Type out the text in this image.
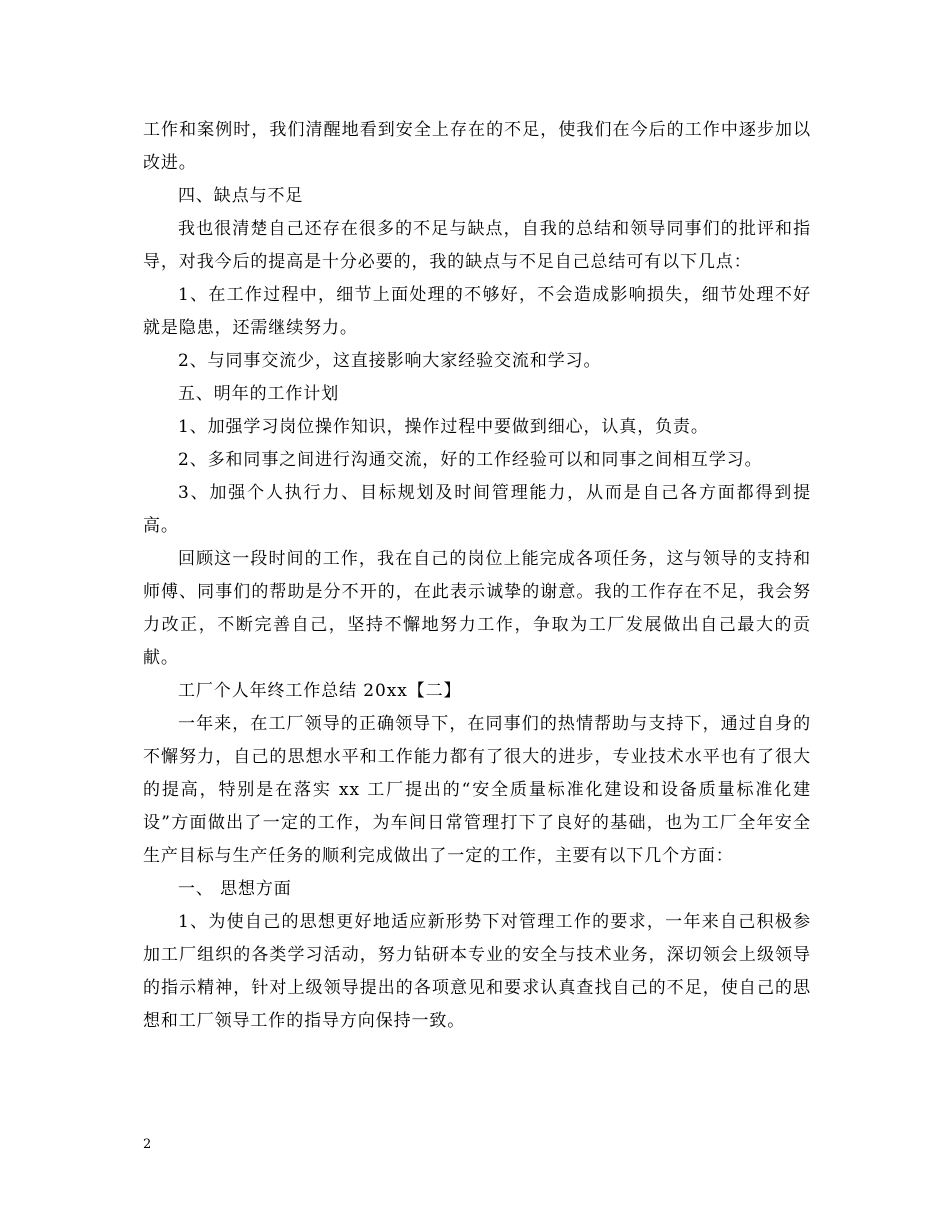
工作和案例时，我们清醒地看到安全上存在的不足，使我们在今后的工作中逐步加以改进。

四、缺点与不足

我也很清楚自己还存在很多的不足与缺点，自我的总结和领导同事们的批评和指导，对我今后的提高是十分必要的，我的缺点与不足自己总结可有以下几点：

1、在工作过程中，细节上面处理的不够好，不会造成影响损失，细节处理不好就是隐患，还需继续努力。

2、与同事交流少，这直接影响大家经验交流和学习。

五、明年的工作计划

1、加强学习岗位操作知识，操作过程中要做到细心，认真，负责。

2、多和同事之间进行沟通交流，好的工作经验可以和同事之间相互学习。

3、加强个人执行力、目标规划及时间管理能力，从而是自己各方面都得到提高。

回顾这一段时间的工作，我在自己的岗位上能完成各项任务，这与领导的支持和师傅、同事们的帮助是分不开的，在此表示诚挚的谢意。我的工作存在不足，我会努力改正，不断完善自己，坚持不懈地努力工作，争取为工厂发展做出自己最大的贡献。

工厂个人年终工作总结 20xx【二】

一年来，在工厂领导的正确领导下，在同事们的热情帮助与支持下，通过自身的不懈努力，自己的思想水平和工作能力都有了很大的进步，专业技术水平也有了很大的提高，特别是在落实 xx 工厂提出的“安全质量标准化建设和设备质量标准化建设”方面做出了一定的工作，为车间日常管理打下了良好的基础，也为工厂全年安全生产目标与生产任务的顺利完成做出了一定的工作，主要有以下几个方面：

一、 思想方面

1、为使自己的思想更好地适应新形势下对管理工作的要求，一年来自己积极参加工厂组织的各类学习活动，努力钻研本专业的安全与技术业务，深切领会上级领导的指示精神，针对上级领导提出的各项意见和要求认真查找自己的不足，使自己的思想和工厂领导工作的指导方向保持一致。

2
